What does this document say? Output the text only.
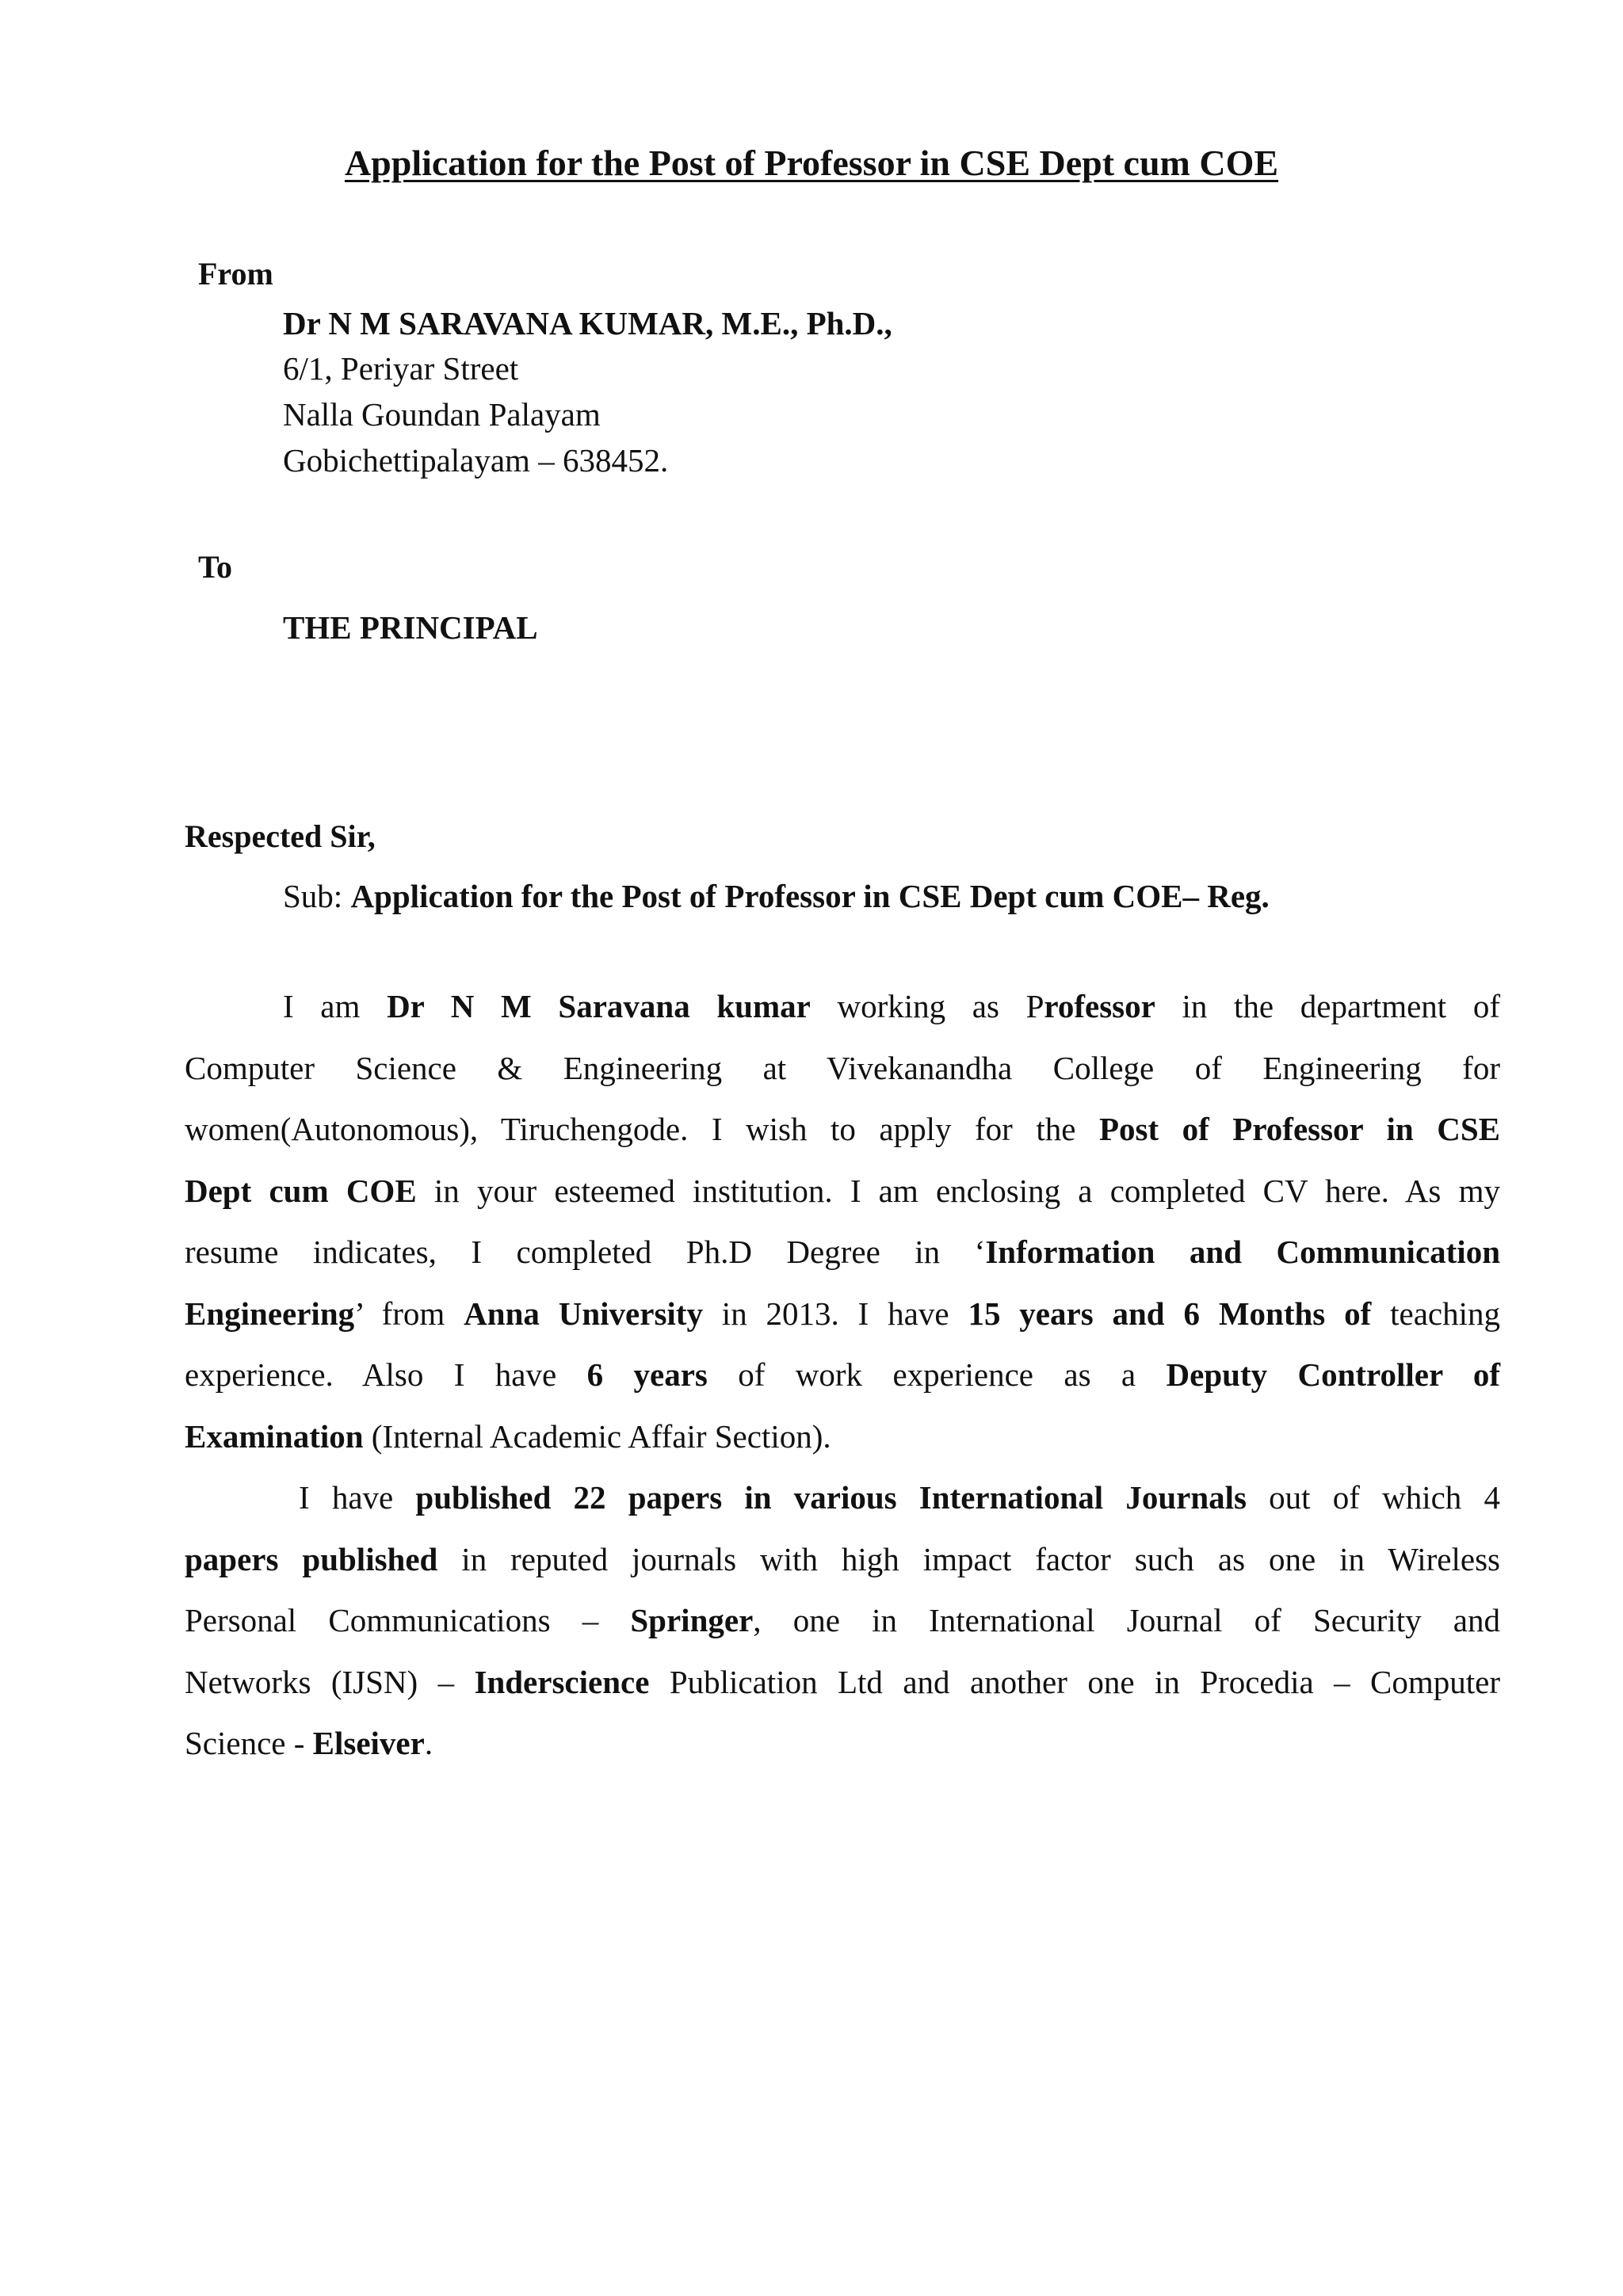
Application for the Post of Professor in CSE Dept cum COE
From
Dr N M SARAVANA KUMAR, M.E., Ph.D.,
6/1, Periyar Street
Nalla Goundan Palayam
Gobichettipalayam – 638452.
To
THE PRINCIPAL
Respected Sir,
Sub: Application for the Post of Professor in CSE Dept cum COE– Reg.
I am Dr N M Saravana kumar working as Professor in the department of
Computer Science & Engineering at Vivekanandha College of Engineering for
women(Autonomous), Tiruchengode. I wish to apply for the Post of Professor in CSE
Dept cum COE in your esteemed institution. I am enclosing a completed CV here. As my
resume indicates, I completed Ph.D Degree in ‘Information and Communication
Engineering’ from Anna University in 2013. I have 15 years and 6 Months of teaching
experience. Also I have 6 years of work experience as a Deputy Controller of
Examination (Internal Academic Affair Section).
I have published 22 papers in various International Journals out of which 4
papers published in reputed journals with high impact factor such as one in Wireless
Personal Communications – Springer, one in International Journal of Security and
Networks (IJSN) – Inderscience Publication Ltd and another one in Procedia – Computer
Science - Elseiver.
